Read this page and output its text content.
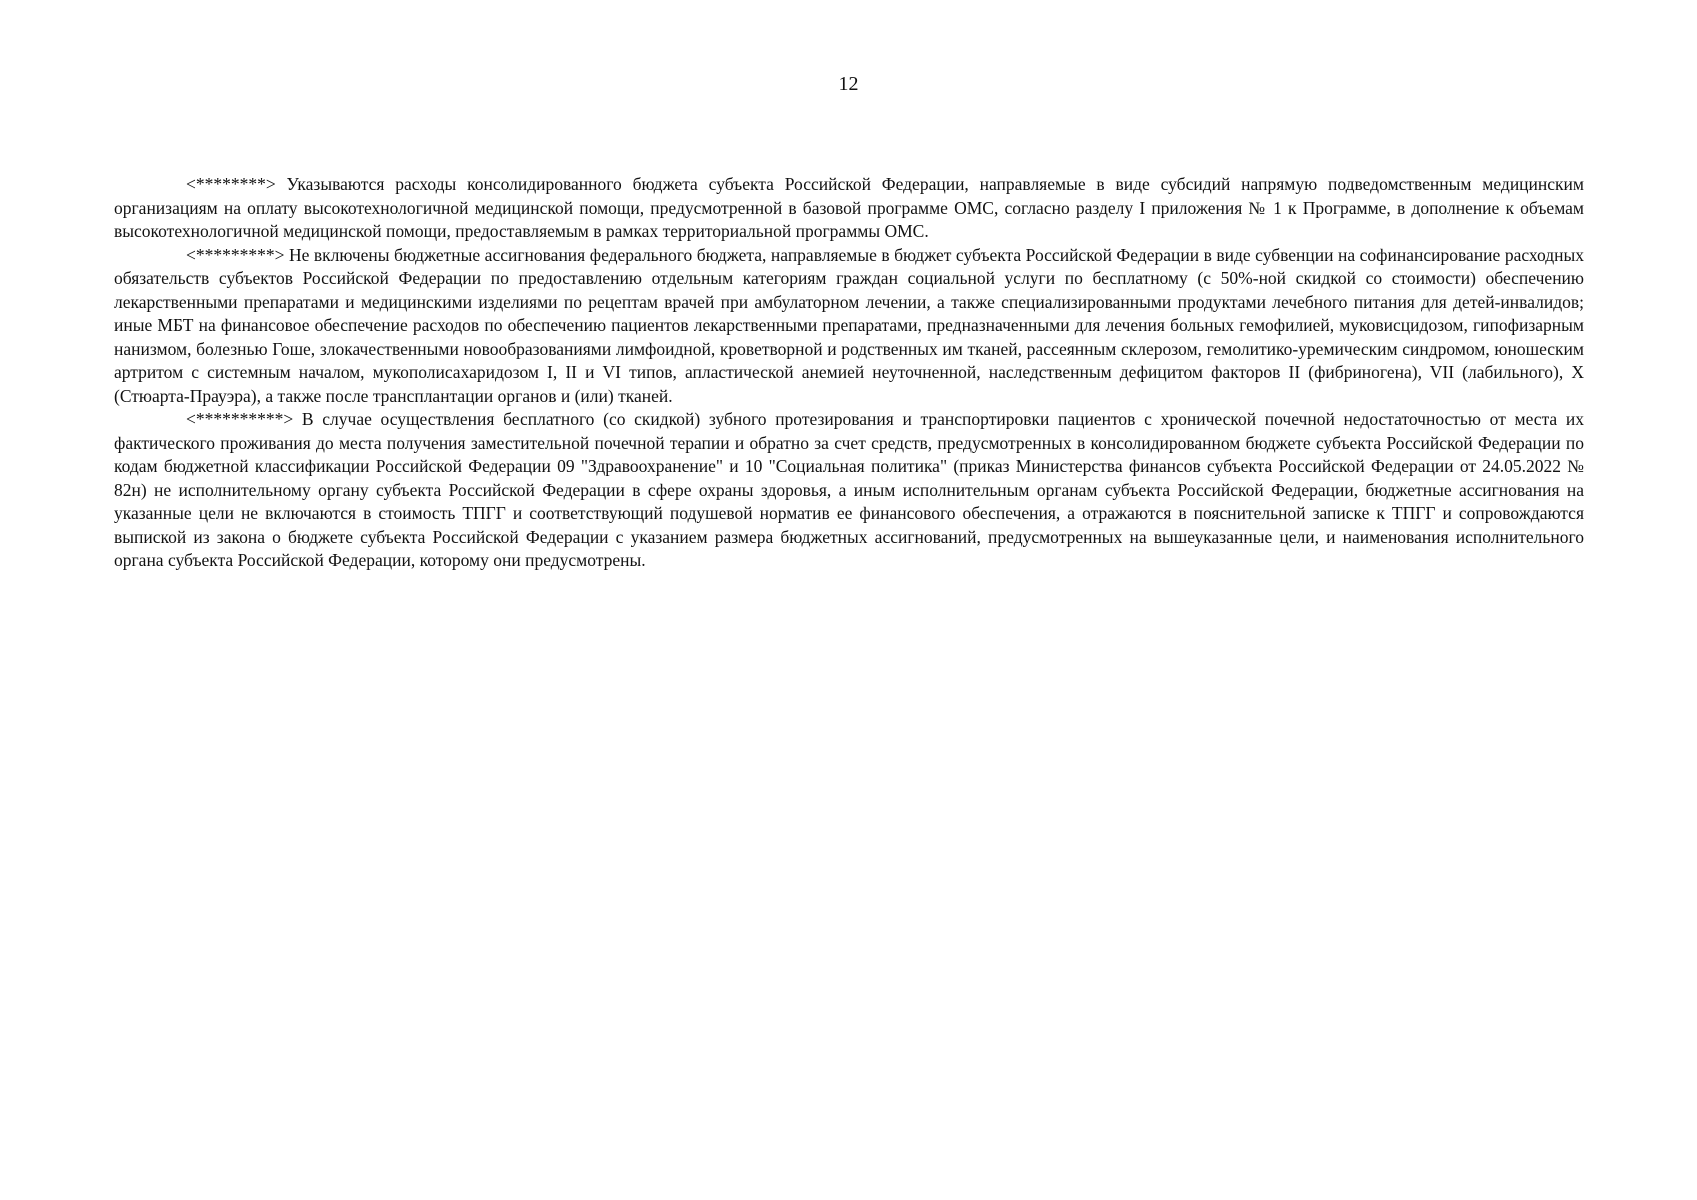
12

<********> Указываются расходы консолидированного бюджета субъекта Российской Федерации, направляемые в виде субсидий напрямую подведомственным медицинским организациям на оплату высокотехнологичной медицинской помощи, предусмотренной в базовой программе ОМС, согласно разделу I приложения № 1 к Программе, в дополнение к объемам высокотехнологичной медицинской помощи, предоставляемым в рамках территориальной программы ОМС.

<*********> Не включены бюджетные ассигнования федерального бюджета, направляемые в бюджет субъекта Российской Федерации в виде субвенции на софинансирование расходных обязательств субъектов Российской Федерации по предоставлению отдельным категориям граждан социальной услуги по бесплатному (с 50%-ной скидкой со стоимости) обеспечению лекарственными препаратами и медицинскими изделиями по рецептам врачей при амбулаторном лечении, а также специализированными продуктами лечебного питания для детей-инвалидов; иные МБТ на финансовое обеспечение расходов по обеспечению пациентов лекарственными препаратами, предназначенными для лечения больных гемофилией, муковисцидозом, гипофизарным нанизмом, болезнью Гоше, злокачественными новообразованиями лимфоидной, кроветворной и родственных им тканей, рассеянным склерозом, гемолитико-уремическим синдромом, юношеским артритом с системным началом, мукополисахаридозом I, II и VI типов, апластической анемией неуточненной, наследственным дефицитом факторов II (фибриногена), VII (лабильного), X (Стюарта-Прауэра), а также после трансплантации органов и (или) тканей.

<**********> В случае осуществления бесплатного (со скидкой) зубного протезирования и транспортировки пациентов с хронической почечной недостаточностью от места их фактического проживания до места получения заместительной почечной терапии и обратно за счет средств, предусмотренных в консолидированном бюджете субъекта Российской Федерации по кодам бюджетной классификации Российской Федерации 09 "Здравоохранение" и 10 "Социальная политика" (приказ Министерства финансов субъекта Российской Федерации от 24.05.2022 № 82н) не исполнительному органу субъекта Российской Федерации в сфере охраны здоровья, а иным исполнительным органам субъекта Российской Федерации, бюджетные ассигнования на указанные цели не включаются в стоимость ТПГГ и соответствующий подушевой норматив ее финансового обеспечения, а отражаются в пояснительной записке к ТПГГ и сопровождаются выпиской из закона о бюджете субъекта Российской Федерации с указанием размера бюджетных ассигнований, предусмотренных на вышеуказанные цели, и наименования исполнительного органа субъекта Российской Федерации, которому они предусмотрены.
